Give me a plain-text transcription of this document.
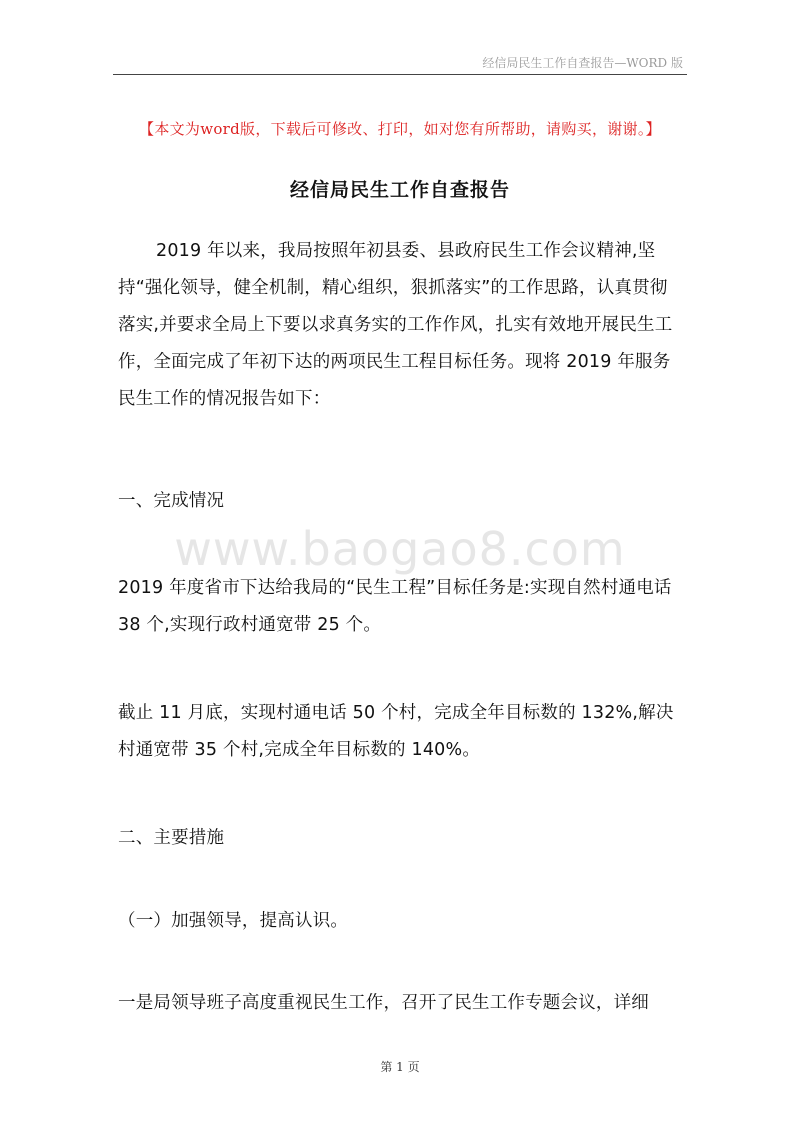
经信局民生工作自查报告—WORD 版
【本文为word版，下载后可修改、打印，如对您有所帮助，请购买，谢谢。】
经信局民生工作自查报告

2019 年以来，我局按照年初县委、县政府民生工作会议精神,坚持“强化领导，健全机制，精心组织，狠抓落实”的工作思路，认真贯彻落实,并要求全局上下要以求真务实的工作作风，扎实有效地开展民生工作，全面完成了年初下达的两项民生工程目标任务。现将 2019 年服务民生工作的情况报告如下：

一、完成情况

www.baogao8.com

2019 年度省市下达给我局的“民生工程”目标任务是:实现自然村通电话 38 个,实现行政村通宽带 25 个。

截止 11 月底，实现村通电话 50 个村，完成全年目标数的 132%,解决村通宽带 35 个村,完成全年目标数的 140%。

二、主要措施

（一）加强领导，提高认识。

一是局领导班子高度重视民生工作，召开了民生工作专题会议，详细

第 1 页
